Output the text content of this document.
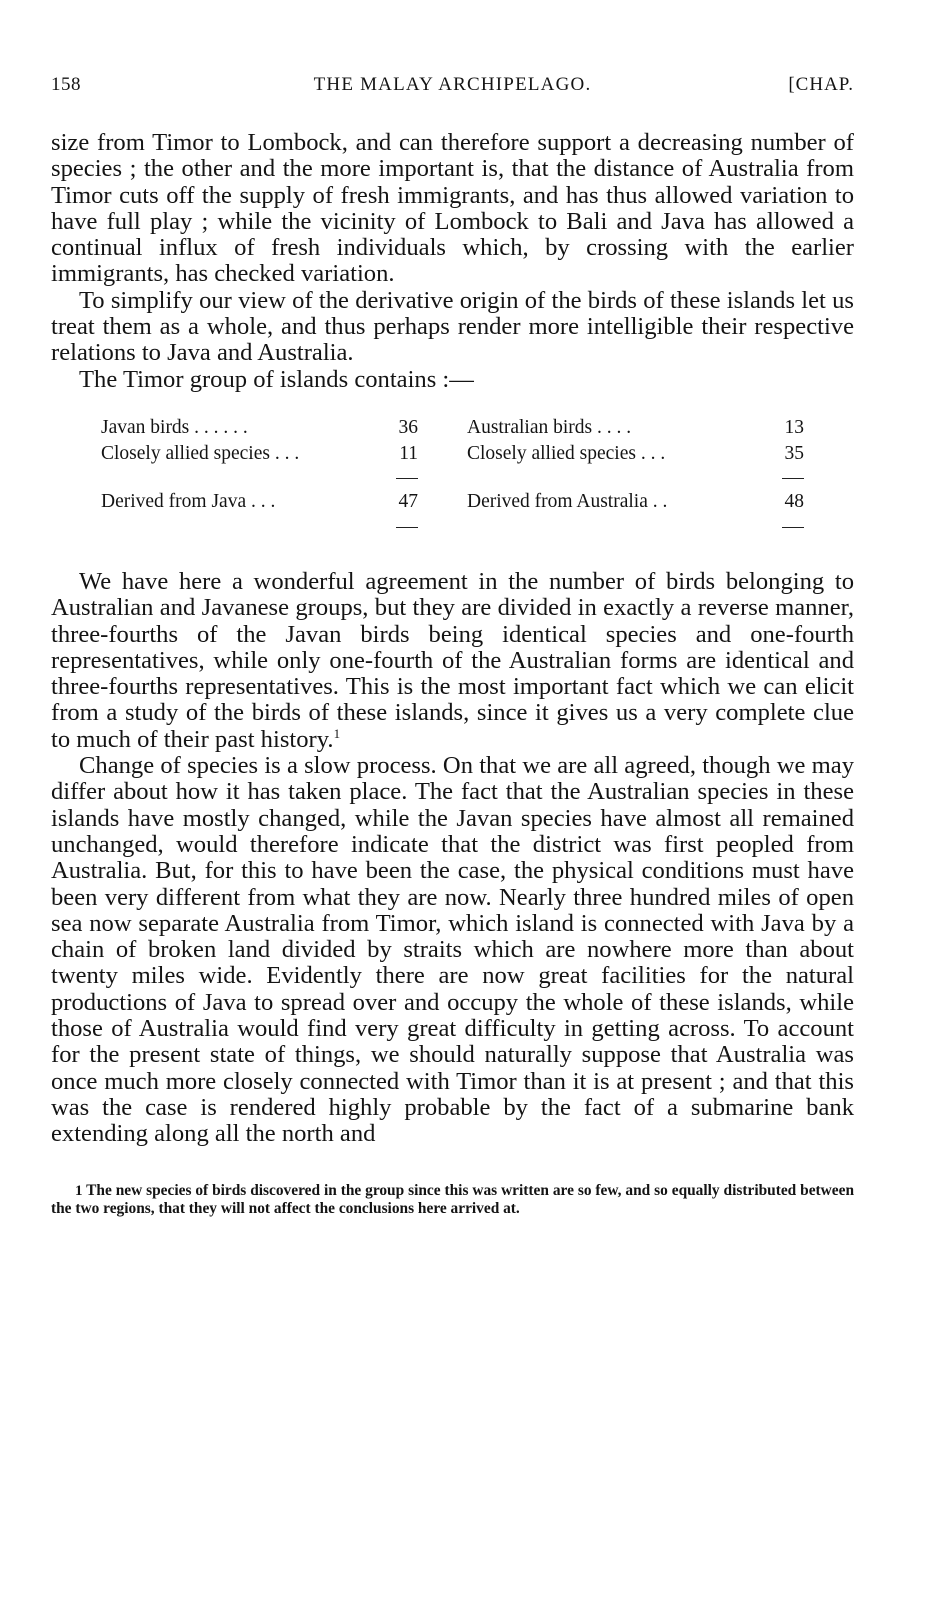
158	THE MALAY ARCHIPELAGO.	[CHAP.

size from Timor to Lombock, and can therefore support a decreasing number of species ; the other and the more important is, that the distance of Australia from Timor cuts off the supply of fresh immigrants, and has thus allowed variation to have full play ; while the vicinity of Lombock to Bali and Java has allowed a continual influx of fresh individuals which, by crossing with the earlier immigrants, has checked variation.

To simplify our view of the derivative origin of the birds of these islands let us treat them as a whole, and thus perhaps render more intelligible their respective relations to Java and Australia.

The Timor group of islands contains :—

Javan birds . . . . . .	36
Closely allied species . . .	11
Derived from Java . . .	47
Australian birds . . . .	13
Closely allied species . . .	35
Derived from Australia . .	48

We have here a wonderful agreement in the number of birds belonging to Australian and Javanese groups, but they are divided in exactly a reverse manner, three-fourths of the Javan birds being identical species and one-fourth representatives, while only one-fourth of the Australian forms are identical and three-fourths representatives. This is the most important fact which we can elicit from a study of the birds of these islands, since it gives us a very complete clue to much of their past history.$^1$

Change of species is a slow process. On that we are all agreed, though we may differ about how it has taken place. The fact that the Australian species in these islands have mostly changed, while the Javan species have almost all remained unchanged, would therefore indicate that the district was first peopled from Australia. But, for this to have been the case, the physical conditions must have been very different from what they are now. Nearly three hundred miles of open sea now separate Australia from Timor, which island is connected with Java by a chain of broken land divided by straits which are nowhere more than about twenty miles wide. Evidently there are now great facilities for the natural productions of Java to spread over and occupy the whole of these islands, while those of Australia would find very great difficulty in getting across. To account for the present state of things, we should naturally suppose that Australia was once much more closely connected with Timor than it is at present ; and that this was the case is rendered highly probable by the fact of a submarine bank extending along all the north and

1 The new species of birds discovered in the group since this was written are so few, and so equally distributed between the two regions, that they will not affect the conclusions here arrived at.
